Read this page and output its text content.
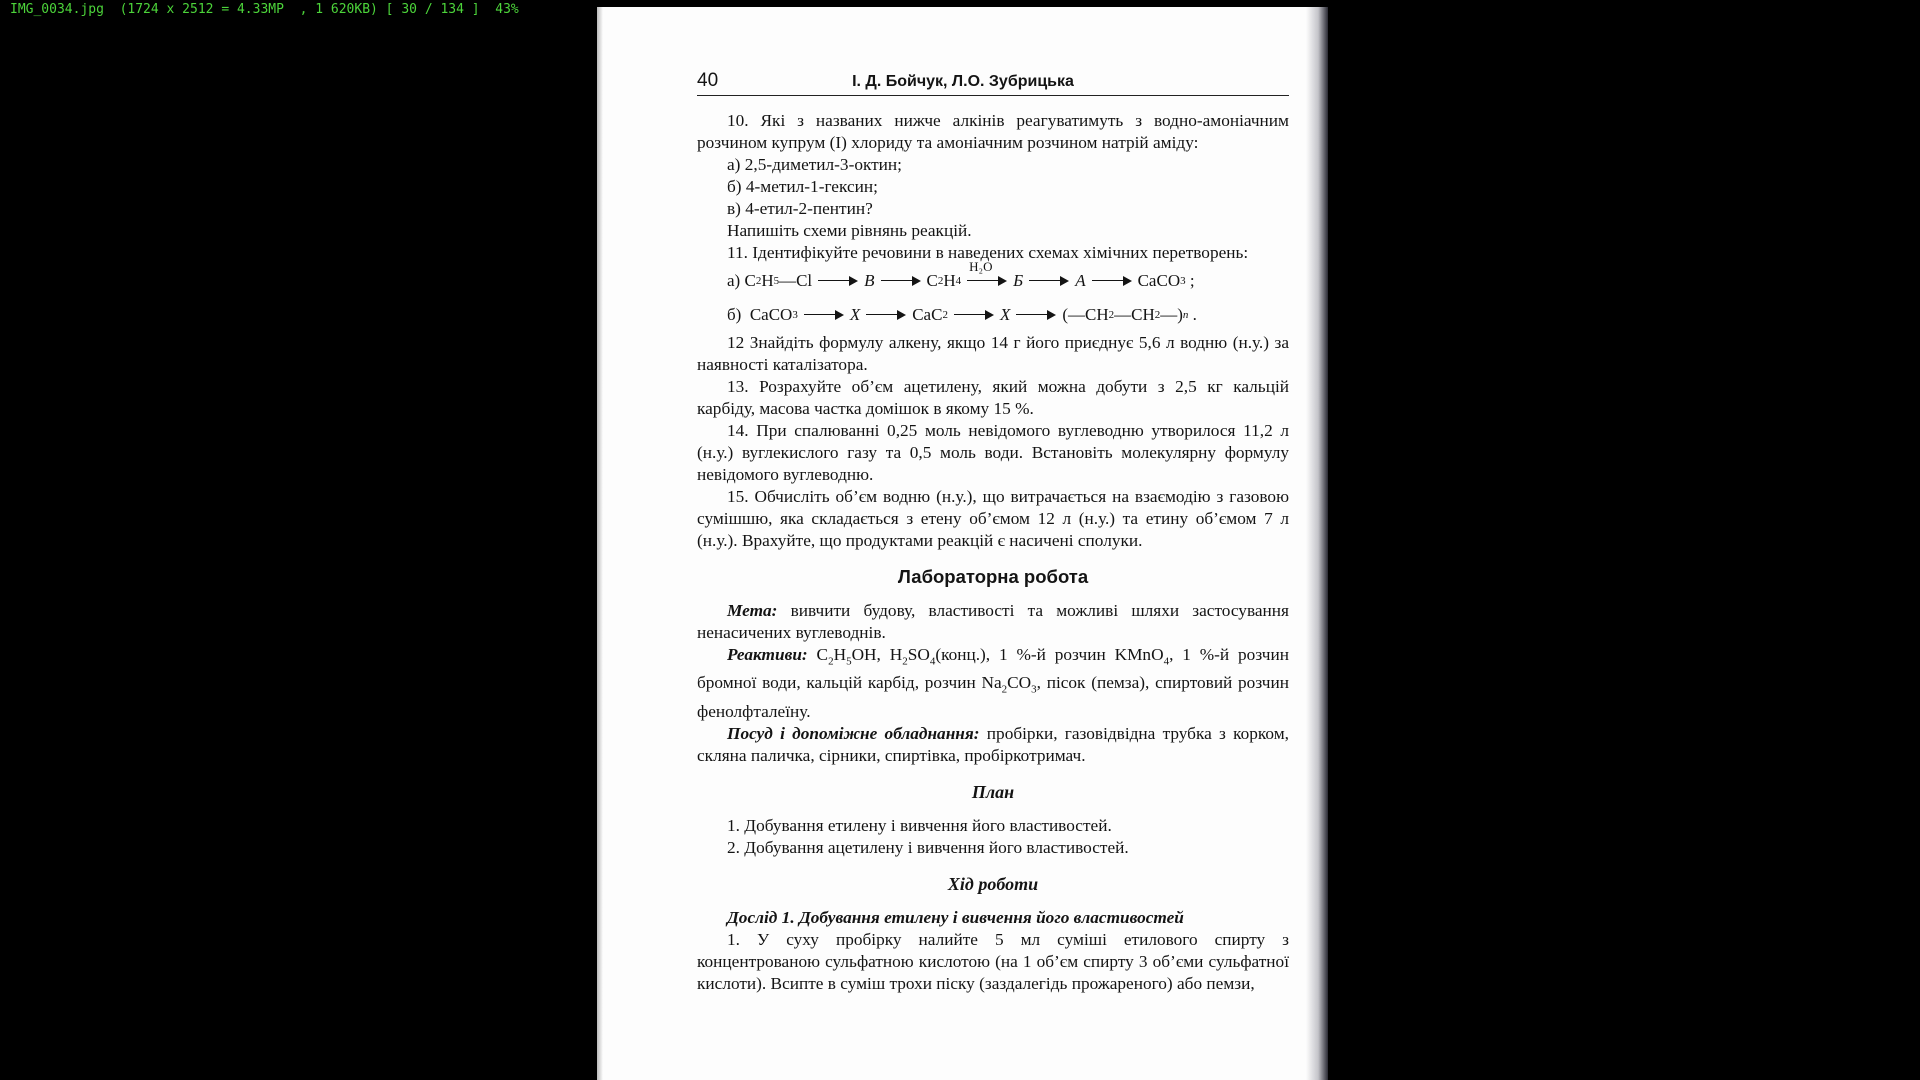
IMG_0034.jpg  (1724 x 2512 = 4.33MP  , 1 620KB) [ 30 / 134 ]  43%
40	І. Д. Бойчук, Л.О. Зубрицька

10. Які з названих нижче алкінів реагуватимуть з водно-амоніачним розчином купрум (І) хлориду та амоніачним розчином натрій аміду:

а) 2,5-диметил-3-октин;

б) 4-метил-1-гексин;

в) 4-етил-2-пентин?

Напишіть схеми рівнянь реакцій.

11. Ідентифікуйте речовини в наведених схемах хімічних перетворень:

а) C 2 H 5 —Cl	B	C 2 H 4
H₂O
Б	A	CaCO 3 ;
б) CaCO 3	X	CaC 2	X	(—CH 2 —CH 2 —) n .

12 Знайдіть формулу алкену, якщо 14 г його приєднує 5,6 л водню (н.у.) за наявності каталізатора.

13. Розрахуйте об’єм ацетилену, який можна добути з 2,5 кг кальцій карбіду, масова частка домішок в якому 15 %.

14. При спалюванні 0,25 моль невідомого вуглеводню утворилося 11,2 л (н.у.) вуглекислого газу та 0,5 моль води. Встановіть молекулярну формулу невідомого вуглеводню.

15. Обчисліть об’єм водню (н.у.), що витрачається на взаємодію з газовою сумішшю, яка складається з етену об’ємом 12 л (н.у.) та етину об’ємом 7 л (н.у.). Врахуйте, що продуктами реакцій є насичені сполуки.

Лабораторна робота

Мета: вивчити будову, властивості та можливі шляхи застосування ненасичених вуглеводнів.

Реактиви: $C_2H_5OH$, $H_2SO_4(конц.)$, 1 %-й розчин KMnO$_4$, 1 %-й розчин бромної води, кальцій карбід, розчин $Na_2CO_3$, пісок (пемза), спиртовий розчин фенолфталеїну.

Посуд і допоміжне обладнання: пробірки, газовідвідна трубка з корком, скляна паличка, сірники, спиртівка, пробіркотримач.

План

1. Добування етилену і вивчення його властивостей.

2. Добування ацетилену і вивчення його властивостей.

Хід роботи

Дослід 1. Добування етилену і вивчення його властивостей

1. У суху пробірку налийте 5 мл суміші етилового спирту з концентрованою сульфатною кислотою (на 1 об’єм спирту 3 об’єми сульфатної кислоти). Всипте в суміш трохи піску (заздалегідь прожареного) або пемзи,
